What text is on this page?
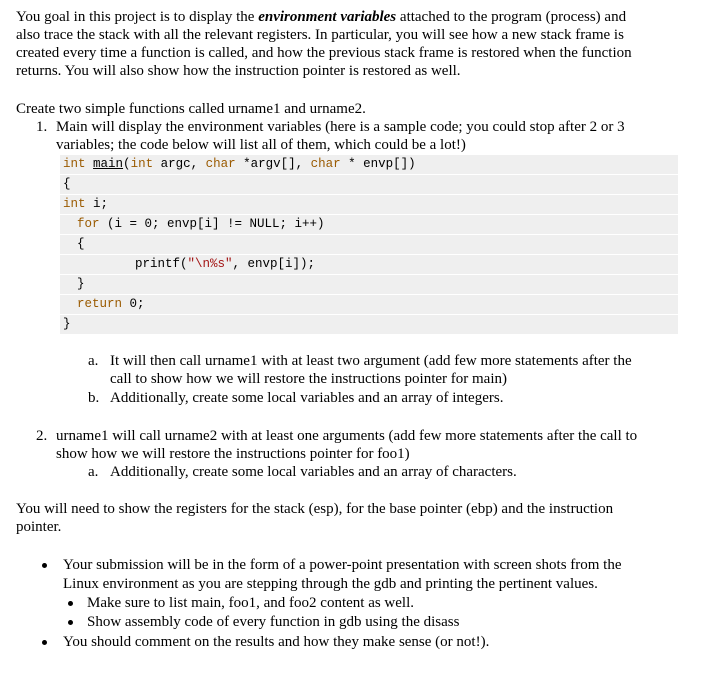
You goal in this project is to display the environment variables attached to the program (process) and
also trace the stack with all the relevant registers. In particular, you will see how a new stack frame is
created every time a function is called, and how the previous stack frame is restored when the function
returns. You will also show how the instruction pointer is restored as well.
Create two simple functions called urname1 and urname2.
1. Main will display the environment variables (here is a sample code; you could stop after 2 or 3
variables; the code below will list all of them, which could be a lot!)
int main(int argc, char *argv[], char * envp[])
{
int i;
for (i = 0; envp[i] != NULL; i++)
{
printf("\n%s", envp[i]);
}
return 0;
}
a. It will then call urname1 with at least two argument (add few more statements after the
call to show how we will restore the instructions pointer for main)
b. Additionally, create some local variables and an array of integers.
2. urname1 will call urname2 with at least one arguments (add few more statements after the call to
show how we will restore the instructions pointer for foo1)
a. Additionally, create some local variables and an array of characters.
You will need to show the registers for the stack (esp), for the base pointer (ebp) and the instruction
pointer.
Your submission will be in the form of a power-point presentation with screen shots from the
Linux environment as you are stepping through the gdb and printing the pertinent values.
Make sure to list main, foo1, and foo2 content as well.
Show assembly code of every function in gdb using the disass
You should comment on the results and how they make sense (or not!).
